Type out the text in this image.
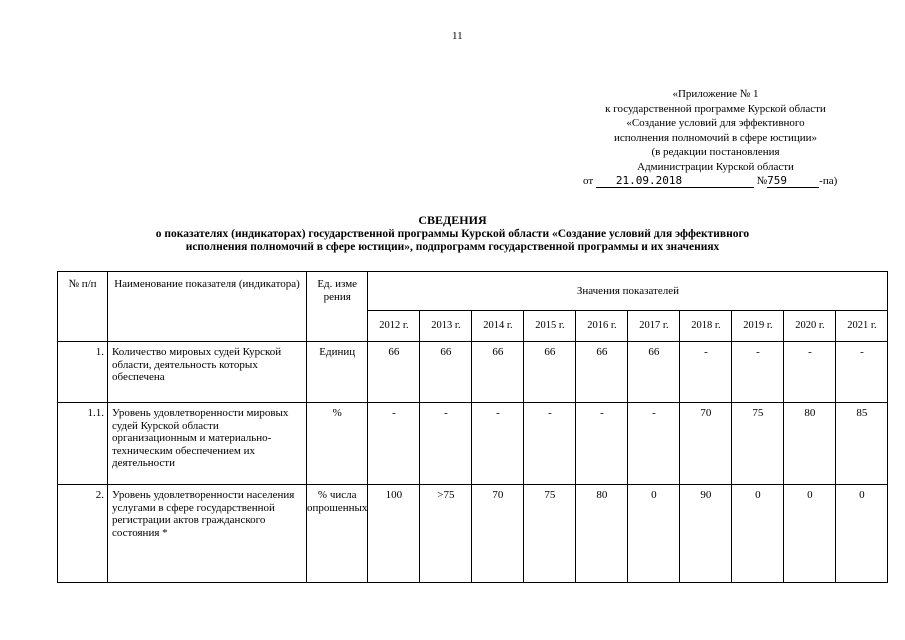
11
«Приложение № 1
к государственной программе Курской области
«Создание условий для эффективного
исполнения полномочий в сфере юстиции»
(в редакции постановления
Администрации Курской области
от 21.09.2018	№759	-па)
СВЕДЕНИЯ
о показателях (индикаторах) государственной программы Курской области «Создание условий для эффективного
исполнения полномочий в сфере юстиции», подпрограмм государственной программы и их значениях
№ п/п	Наименование показателя (индикатора)	Ед. изме рения	Значения показателей									
			2012 г.	2013 г.	2014 г.	2015 г.	2016 г.	2017 г.	2018 г.	2019 г.	2020 г.	2021 г.
1.	Количество мировых судей Курской области, деятельность которых обеспечена	Единиц	66	66	66	66	66	66	-	-	-	-
1.1.	Уровень удовлетворенности мировых судей Курской области организационным и материально-техническим обеспечением их деятельности	%	-	-	-	-	-	-	70	75	80	85
2.	Уровень удовлетворенности населения услугами в сфере государственной регистрации актов гражданского состояния *	% числа опрошенных	100	>75	70	75	80	0	90	0	0	0
